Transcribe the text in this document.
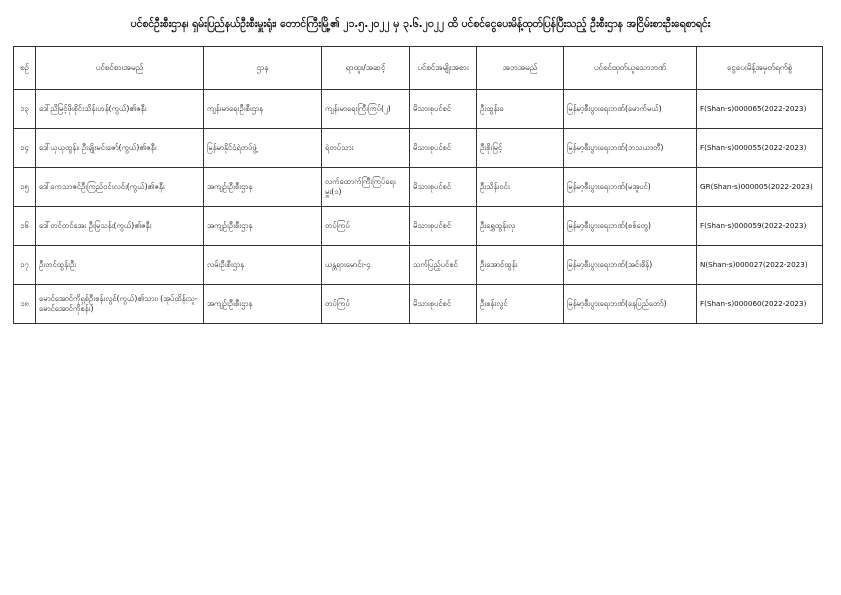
ပင်စင်ဦးစီးဌာန၊ ရှမ်းပြည်နယ်ဦးစီးမှူးရုံး၊ တောင်ကြီးမြို့၏ ၂၁.၅.၂၀၂၂ မှ ၃.၆.၂၀၂၂ ထိ ပင်စင်ငွေပေးမိန့်ထုတ်ပြန်ပြီးသည့် ဦးစီးဌာန အငြိမ်းစားဦးရေစာရင်း
စဉ်	ပင်စင်စားအမည်	ဌာန	ရာထူး/အဆင့်	ပင်စင်အမျိုးအစား	အဘအမည်	ပင်စင်ထုတ်ယူသောဘဏ်	ငွေပေးမိန့်အမှတ်ရက်စွဲ
၁၃	ဒေါ်ညိမြင့်ဖိုးစိုင်းသိန်းဟန်(ကွယ်)၏ဇနီး	ကျန်းမာရေးဦးစီးဌာန	ကျန်းမာရေးကြီးကြပ်(၂)	မိသားစုပင်စင်	ဦးထွန်းခ	မြန်မာ့စီးပွားရေးဘဏ်(မောက်မယ်)	F(Shan-s)000065(2022-2023)
၁၄	ဒေါ်ယုယုထွန်း၊ ဦးချိုးမင်းဇော်(ကွယ်)၏ဇနီး	မြန်မာနိုင်ငံရဲတပ်ဖွဲ့	ရဲတပ်သား	မိသားစုပင်စင်	ဦးစိုးမြင့်	မြန်မာ့စီးပွားရေးဘဏ်(ဘသယာတီ)	F(Shan-s)000055(2022-2023)
၁၅	ဒေါ်ကေသာဇင်ဦးကြည်ဝင်းလင်း(ကွယ်)၏ဇနီး	အကျဉ်းဦးစီးဌာန	လက်ထောက်ကြီးကြပ်ရေးမှူး(၁)	မိသားစုပင်စင်	ဦးသိန်းဝင်း	မြန်မာ့စီးပွားရေးဘဏ်(မအူပင်)	GR(Shan-s)000005(2022-2023)
၁၆	ဒေါ်တင်တင်အေး ဦးမြသန်း(ကွယ်)၏ဇနီး	အကျဉ်းဦးစီးဌာန	တပ်ကြပ်	မိသားစုပင်စင်	ဦးရွှေထွန်းလှ	မြန်မာ့စီးပွားရေးဘဏ်(စစ်တွေ)	F(Shan-s)000059(2022-2023)
၁၇	ဦးတင်ထွန်းဦး	လမ်းဦးစီးဌာန	ယန္တရားမောင်း-၄	သက်ပြည့်ပင်စင်	ဦးအောင်ထွန်း	မြန်မာ့စီးပွားရေးဘဏ်(အင်းစိန်)	N(Shan-s)000027(2022-2023)
၁၈	မောင်အောင်ကိုရှစ်ဦးစန်းလွင်(ကွယ်)၏သား၊ (အုပ်ထိန်းသူ-မောင်အောင်ကိုစန်း)	အကျဉ်းဦးစီးဌာန	တပ်ကြပ်	မိသားစုပင်စင်	ဦးစန်းလွင်	မြန်မာ့စီးပွားရေးဘဏ်(နေပြည်တော်)	F(Shan-s)000060(2022-2023)
